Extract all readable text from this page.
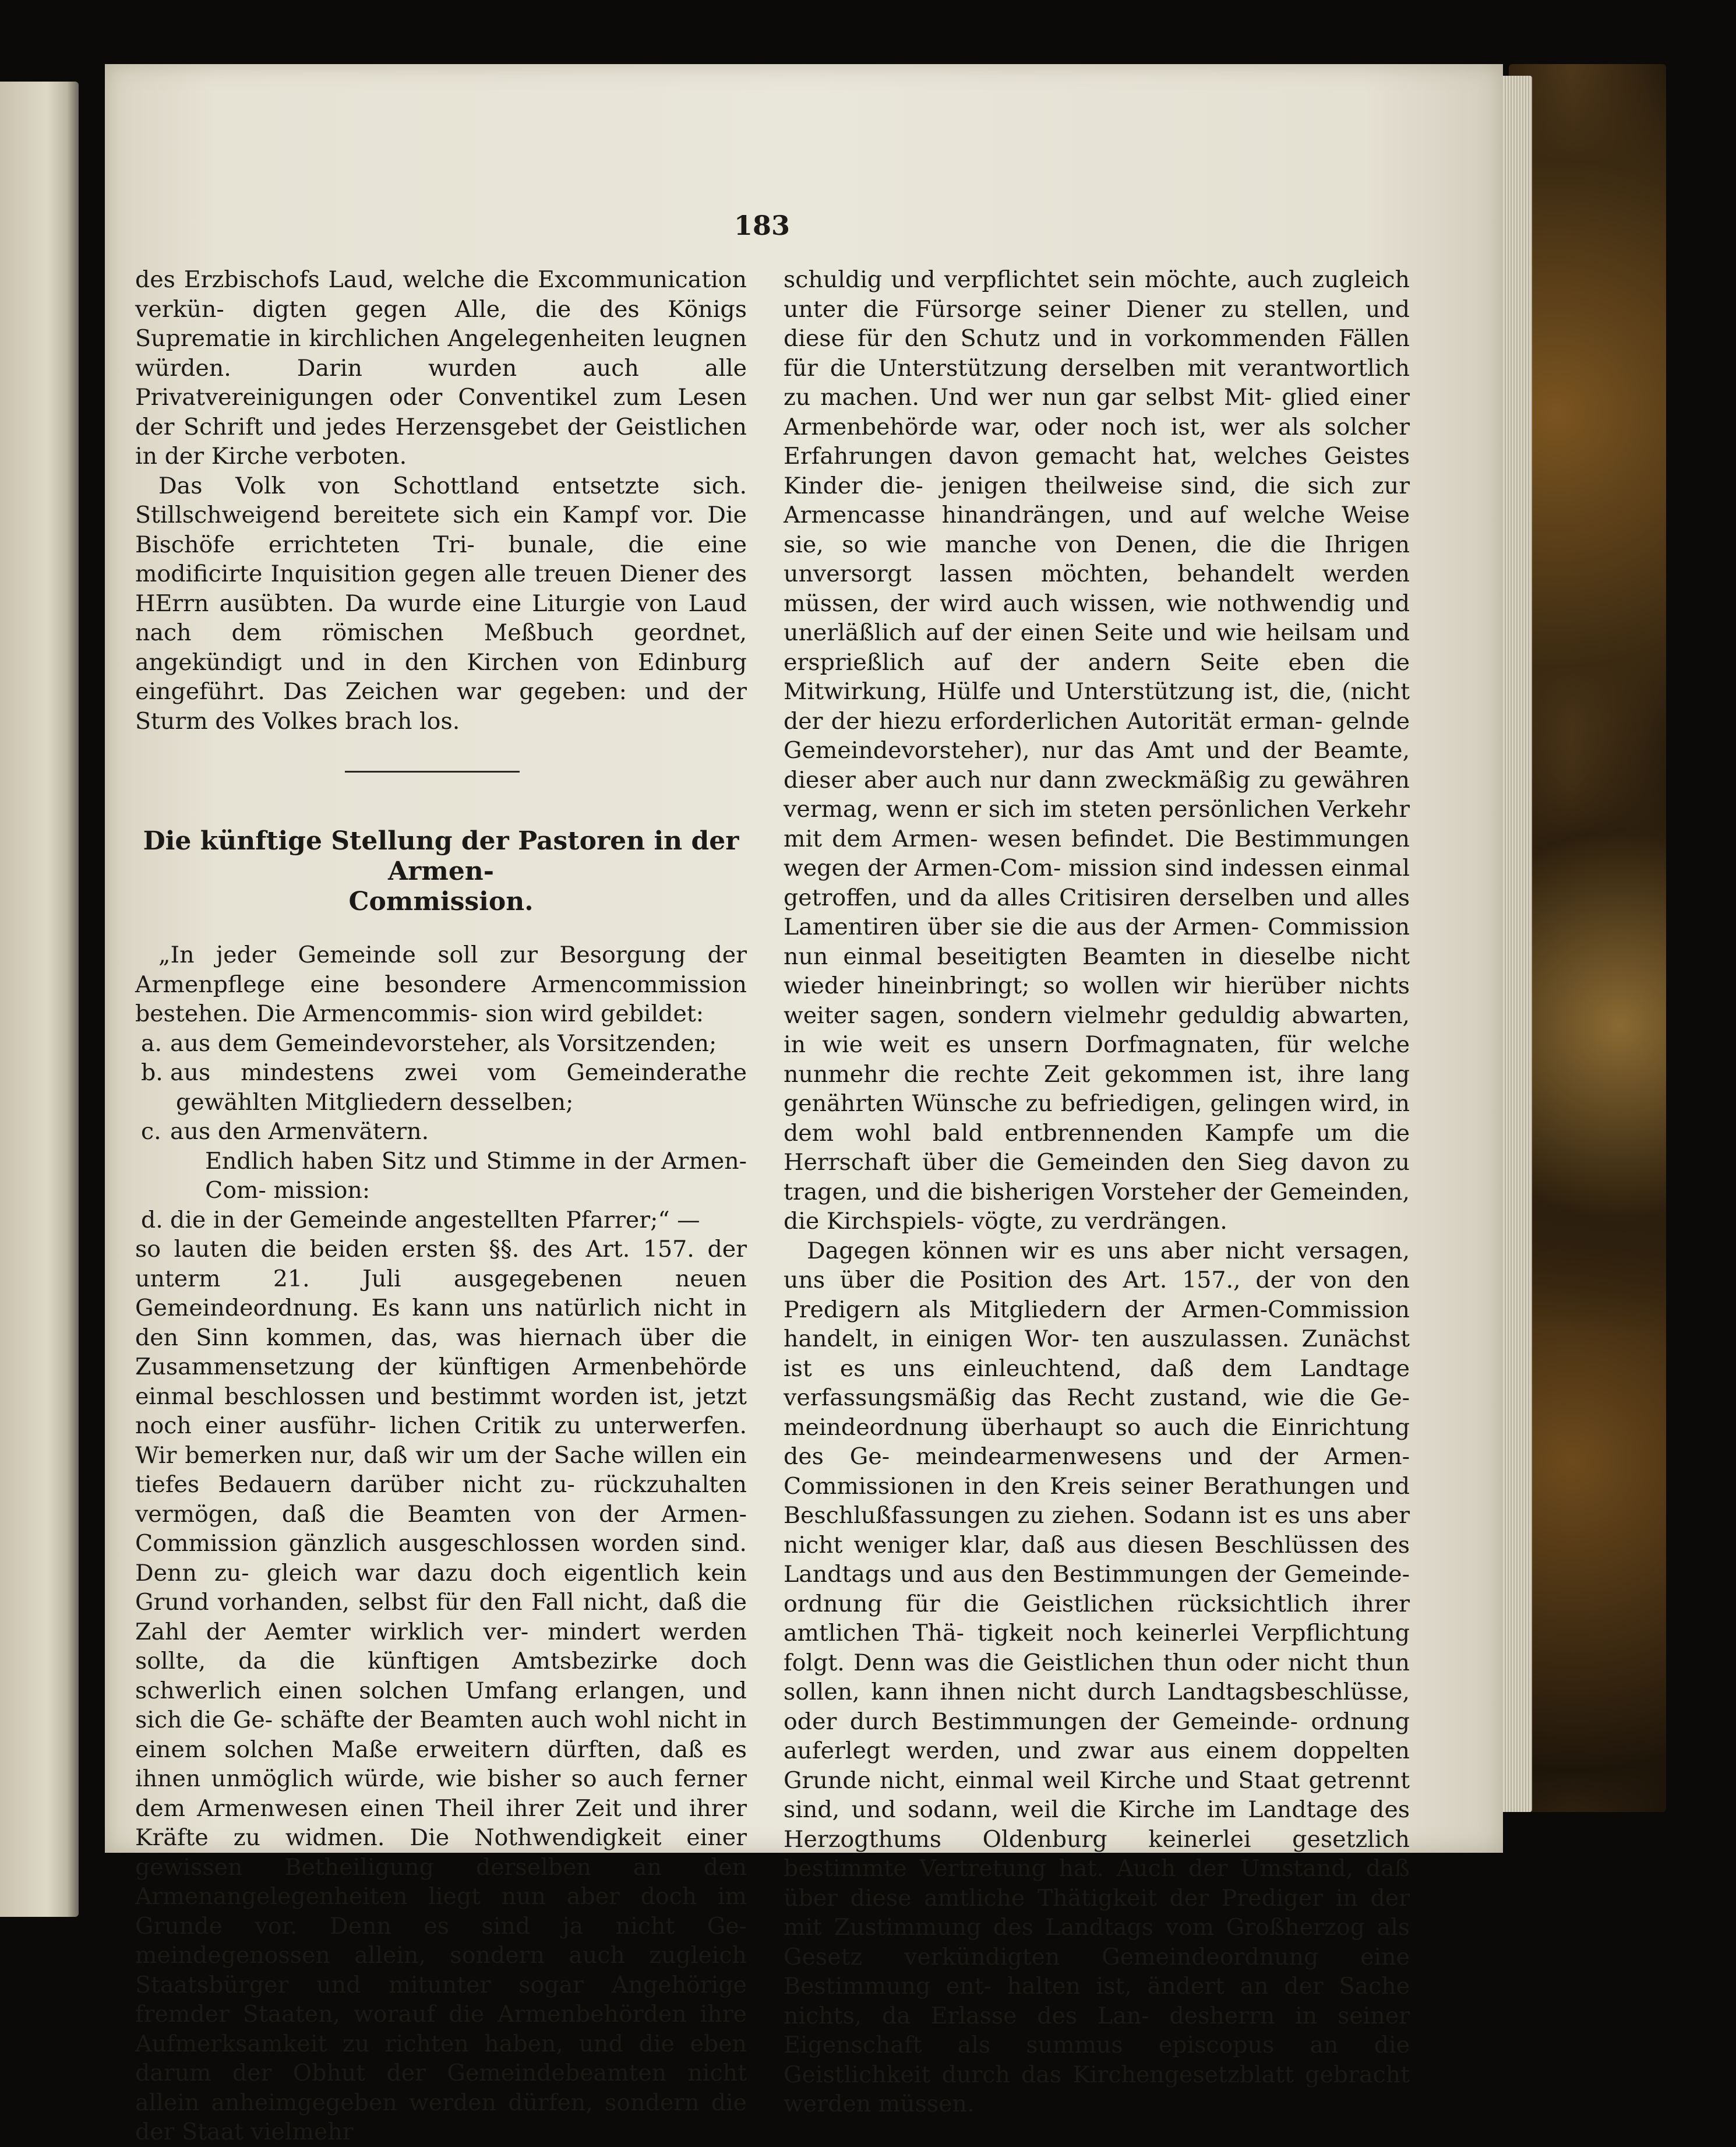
183

des Erzbischofs Laud, welche die Excommunication verkün- digten gegen Alle, die des Königs Suprematie in kirchlichen Angelegenheiten leugnen würden. Darin wurden auch alle Privatvereinigungen oder Conventikel zum Lesen der Schrift und jedes Herzensgebet der Geistlichen in der Kirche verboten.

Das Volk von Schottland entsetzte sich. Stillschweigend bereitete sich ein Kampf vor. Die Bischöfe errichteten Tri- bunale, die eine modificirte Inquisition gegen alle treuen Diener des HErrn ausübten. Da wurde eine Liturgie von Laud nach dem römischen Meßbuch geordnet, angekündigt und in den Kirchen von Edinburg eingeführt. Das Zeichen war gegeben: und der Sturm des Volkes brach los.

Die künftige Stellung der Pastoren in der Armen-
Commission.

„In jeder Gemeinde soll zur Besorgung der Armenpflege eine besondere Armencommission bestehen. Die Armencommis- sion wird gebildet:

a. aus dem Gemeindevorsteher, als Vorsitzenden;

b. aus mindestens zwei vom Gemeinderathe gewählten Mitgliedern desselben;

c. aus den Armenvätern.

Endlich haben Sitz und Stimme in der Armen-Com- mission:

d. die in der Gemeinde angestellten Pfarrer;“ —

so lauten die beiden ersten §§. des Art. 157. der unterm 21. Juli ausgegebenen neuen Gemeindeordnung. Es kann uns natürlich nicht in den Sinn kommen, das, was hiernach über die Zusammensetzung der künftigen Armenbehörde einmal beschlossen und bestimmt worden ist, jetzt noch einer ausführ- lichen Critik zu unterwerfen. Wir bemerken nur, daß wir um der Sache willen ein tiefes Bedauern darüber nicht zu- rückzuhalten vermögen, daß die Beamten von der Armen- Commission gänzlich ausgeschlossen worden sind. Denn zu- gleich war dazu doch eigentlich kein Grund vorhanden, selbst für den Fall nicht, daß die Zahl der Aemter wirklich ver- mindert werden sollte, da die künftigen Amtsbezirke doch schwerlich einen solchen Umfang erlangen, und sich die Ge- schäfte der Beamten auch wohl nicht in einem solchen Maße erweitern dürften, daß es ihnen unmöglich würde, wie bisher so auch ferner dem Armenwesen einen Theil ihrer Zeit und ihrer Kräfte zu widmen. Die Nothwendigkeit einer gewissen Betheiligung derselben an den Armenangelegenheiten liegt nun aber doch im Grunde vor. Denn es sind ja nicht Ge- meindegenossen allein, sondern auch zugleich Staatsbürger und mitunter sogar Angehörige fremder Staaten, worauf die Armenbehörden ihre Aufmerksamkeit zu richten haben, und die eben darum der Obhut der Gemeindebeamten nicht allein anheimgegeben werden dürfen, sondern die der Staat vielmehr

schuldig und verpflichtet sein möchte, auch zugleich unter die Fürsorge seiner Diener zu stellen, und diese für den Schutz und in vorkommenden Fällen für die Unterstützung derselben mit verantwortlich zu machen. Und wer nun gar selbst Mit- glied einer Armenbehörde war, oder noch ist, wer als solcher Erfahrungen davon gemacht hat, welches Geistes Kinder die- jenigen theilweise sind, die sich zur Armencasse hinandrängen, und auf welche Weise sie, so wie manche von Denen, die die Ihrigen unversorgt lassen möchten, behandelt werden müssen, der wird auch wissen, wie nothwendig und unerläßlich auf der einen Seite und wie heilsam und ersprießlich auf der andern Seite eben die Mitwirkung, Hülfe und Unterstützung ist, die, (nicht der der hiezu erforderlichen Autorität erman- gelnde Gemeindevorsteher), nur das Amt und der Beamte, dieser aber auch nur dann zweckmäßig zu gewähren vermag, wenn er sich im steten persönlichen Verkehr mit dem Armen- wesen befindet. Die Bestimmungen wegen der Armen-Com- mission sind indessen einmal getroffen, und da alles Critisiren derselben und alles Lamentiren über sie die aus der Armen- Commission nun einmal beseitigten Beamten in dieselbe nicht wieder hineinbringt; so wollen wir hierüber nichts weiter sagen, sondern vielmehr geduldig abwarten, in wie weit es unsern Dorfmagnaten, für welche nunmehr die rechte Zeit gekommen ist, ihre lang genährten Wünsche zu befriedigen, gelingen wird, in dem wohl bald entbrennenden Kampfe um die Herrschaft über die Gemeinden den Sieg davon zu tragen, und die bisherigen Vorsteher der Gemeinden, die Kirchspiels- vögte, zu verdrängen.

Dagegen können wir es uns aber nicht versagen, uns über die Position des Art. 157., der von den Predigern als Mitgliedern der Armen-Commission handelt, in einigen Wor- ten auszulassen. Zunächst ist es uns einleuchtend, daß dem Landtage verfassungsmäßig das Recht zustand, wie die Ge- meindeordnung überhaupt so auch die Einrichtung des Ge- meindearmenwesens und der Armen-Commissionen in den Kreis seiner Berathungen und Beschlußfassungen zu ziehen. Sodann ist es uns aber nicht weniger klar, daß aus diesen Beschlüssen des Landtags und aus den Bestimmungen der Gemeinde- ordnung für die Geistlichen rücksichtlich ihrer amtlichen Thä- tigkeit noch keinerlei Verpflichtung folgt. Denn was die Geistlichen thun oder nicht thun sollen, kann ihnen nicht durch Landtagsbeschlüsse, oder durch Bestimmungen der Gemeinde- ordnung auferlegt werden, und zwar aus einem doppelten Grunde nicht, einmal weil Kirche und Staat getrennt sind, und sodann, weil die Kirche im Landtage des Herzogthums Oldenburg keinerlei gesetzlich bestimmte Vertretung hat. Auch der Umstand, daß über diese amtliche Thätigkeit der Prediger in der mit Zustimmung des Landtags vom Großherzog als Gesetz verkündigten Gemeindeordnung eine Bestimmung ent- halten ist, ändert an der Sache nichts, da Erlasse des Lan- desherrn in seiner Eigenschaft als summus episcopus an die Geistlichkeit durch das Kirchengesetzblatt gebracht werden müssen.
